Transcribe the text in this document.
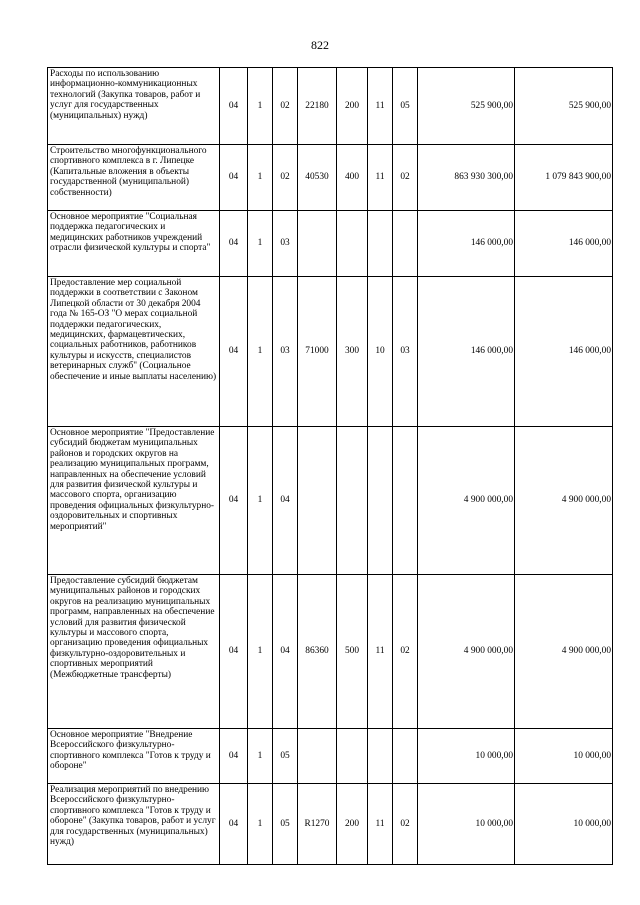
822
Расходы по использованию информационно-коммуникационных технологий (Закупка товаров, работ и услуг для государственных (муниципальных) нужд)	04	1	02	22180	200	11	05	525 900,00	525 900,00
Строительство многофункционального спортивного комплекса в г. Липецке (Капитальные вложения в объекты государственной (муниципальной) собственности)	04	1	02	40530	400	11	02	863 930 300,00	1 079 843 900,00
Основное мероприятие "Социальная поддержка педагогических и медицинских работников учреждений отрасли физической культуры и спорта"	04	1	03					146 000,00	146 000,00
Предоставление мер социальной поддержки в соответствии с Законом Липецкой области от 30 декабря 2004 года № 165-ОЗ "О мерах социальной поддержки педагогических, медицинских, фармацевтических, социальных работников, работников культуры и искусств, специалистов ветеринарных служб" (Социальное обеспечение и иные выплаты населению)	04	1	03	71000	300	10	03	146 000,00	146 000,00
Основное мероприятие "Предоставление субсидий бюджетам муниципальных районов и городских округов на реализацию муниципальных программ, направленных на обеспечение условий для развития физической культуры и массового спорта, организацию проведения официальных физкультурно-оздоровительных и спортивных мероприятий"	04	1	04					4 900 000,00	4 900 000,00
Предоставление субсидий бюджетам муниципальных районов и городских округов на реализацию муниципальных программ, направленных на обеспечение условий для развития физической культуры и массового спорта, организацию проведения официальных физкультурно-оздоровительных и спортивных мероприятий (Межбюджетные трансферты)	04	1	04	86360	500	11	02	4 900 000,00	4 900 000,00
Основное мероприятие "Внедрение Всероссийского физкультурно-спортивного комплекса "Готов к труду и обороне"	04	1	05					10 000,00	10 000,00
Реализация мероприятий по внедрению Всероссийского физкультурно-спортивного комплекса "Готов к труду и обороне" (Закупка товаров, работ и услуг для государственных (муниципальных) нужд)	04	1	05	R1270	200	11	02	10 000,00	10 000,00
